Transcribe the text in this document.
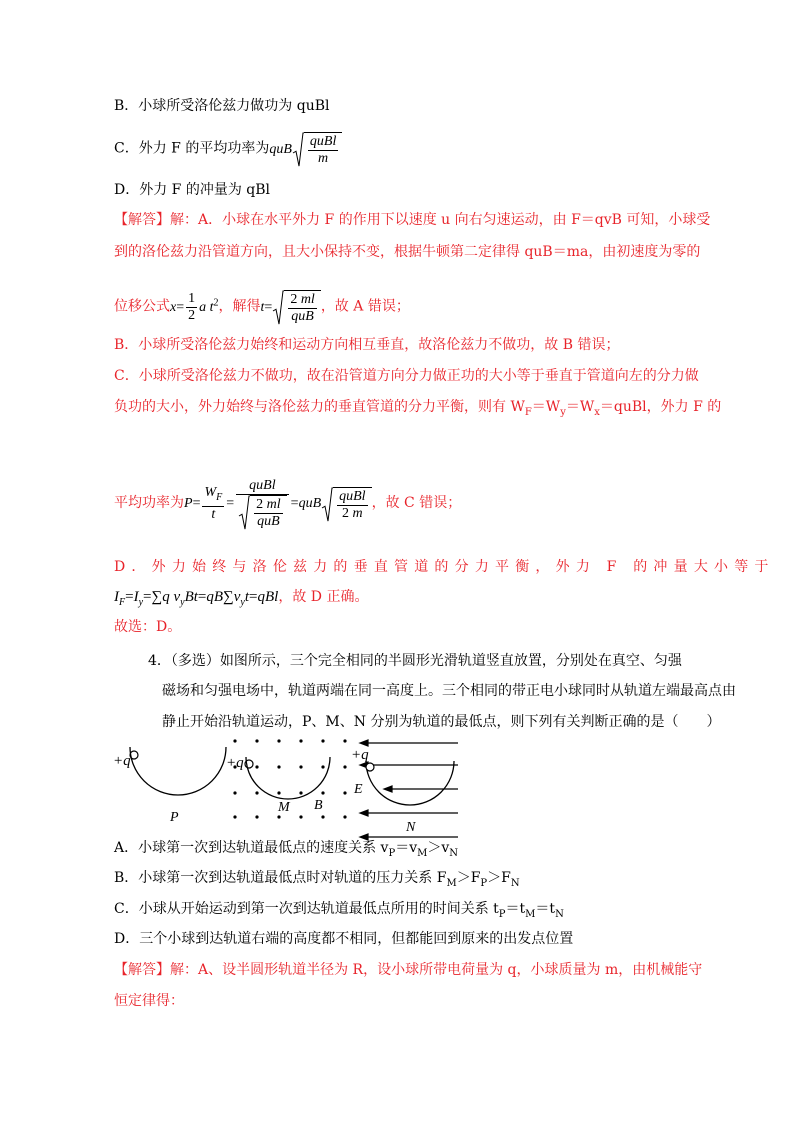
B．小球所受洛伦兹力做功为 quBl
C．外力 F 的平均功率为quB $\frac{\text{quBl}}{m}$
D．外力 F 的冲量为 qBl
【解答】解：A．小球在水平外力 F 的作用下以速度 u 向右匀速运动，由 F＝qvB 可知，小球受
到的洛伦兹力沿管道方向，且大小保持不变，根据牛顿第二定律得 quB＝ma，由初速度为零的
位移公式$x= \frac{1}{2}$ a $t^2$，解得$t= \frac{2 ml}{\text{quB}}$ ，故 A 错误；
B．小球所受洛伦兹力始终和运动方向相互垂直，故洛伦兹力不做功，故 B 错误；
C．小球所受洛伦兹力不做功，故在沿管道方向分力做正功的大小等于垂直于管道向左的分力做
负功的大小，外力始终与洛伦兹力的垂直管道的分力平衡，则有 $W_F=W_y=W_x=quBl$，外力 F 的
平均功率为$P= \frac{W_F}{t} = \frac{\text{quBl}}{\frac{2 ml}{\text{quB}}} =quB \frac{\text{quBl}}{2 m}$ ，故 C 错误；
D．外力始终与洛伦兹力的垂直管道的分力平衡，外力 F 的冲量大小等于
$I_F=I_y=\sum q$ $v_yBt=qB\sum v_yt=qBl$，故 D 正确。
故选：D。
4．（多选）如图所示，三个完全相同的半圆形光滑轨道竖直放置，分别处在真空、匀强
磁场和匀强电场中，轨道两端在同一高度上。三个相同的带正电小球同时从轨道左端最高点由
静止开始沿轨道运动，P、M、N 分别为轨道的最低点，则下列有关判断正确的是（　　）
+q
P
+q
M B
+q
E
N
A．小球第一次到达轨道最低点的速度关系 $v_P=v_M>v_N$
B．小球第一次到达轨道最低点时对轨道的压力关系 $F_M>F_P>F_N$
C．小球从开始运动到第一次到达轨道最低点所用的时间关系 $t_P=t_M=t_N$
D．三个小球到达轨道右端的高度都不相同，但都能回到原来的出发点位置
【解答】解：A、设半圆形轨道半径为 R，设小球所带电荷量为 q，小球质量为 m，由机械能守
恒定律得：
